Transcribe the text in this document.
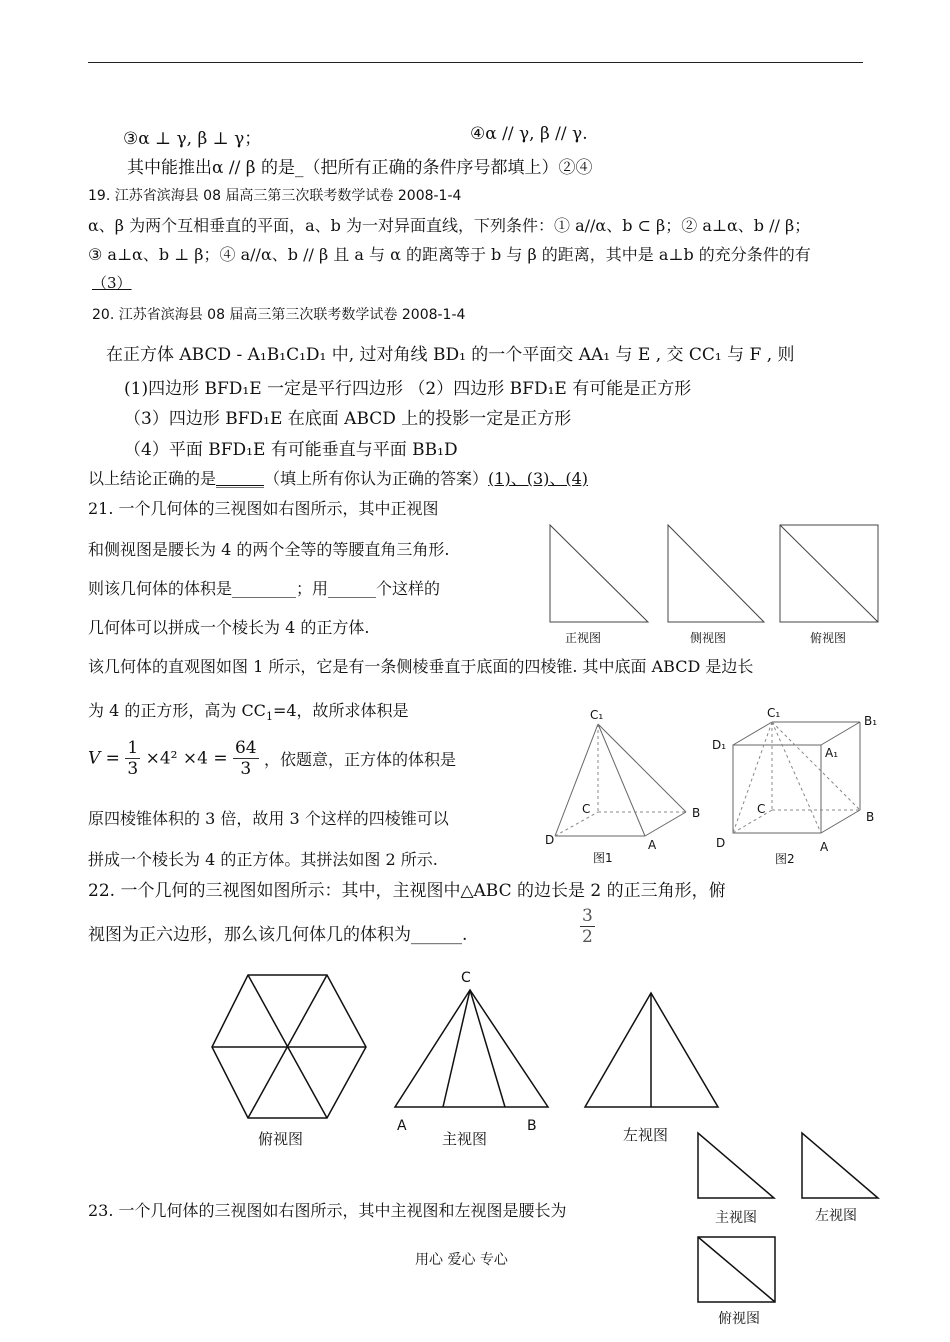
③α ⊥ γ, β ⊥ γ；	④α // γ, β // γ.
其中能推出α // β 的是_（把所有正确的条件序号都填上）②④
19. 江苏省滨海县 08 届高三第三次联考数学试卷 2008-1-4
α、β 为两个互相垂直的平面，a、b 为一对异面直线，下列条件：① a//α、b ⊂ β；② a⊥α、b // β；
③ a⊥α、b ⊥ β；④ a//α、b // β 且 a 与 α 的距离等于 b 与 β 的距离，其中是 a⊥b 的充分条件的有
（3）
20. 江苏省滨海县 08 届高三第三次联考数学试卷 2008-1-4
在正方体 ABCD - A₁B₁C₁D₁ 中, 过对角线 BD₁ 的一个平面交 AA₁ 与 E , 交 CC₁ 与 F , 则
(1)四边形 BFD₁E 一定是平行四边形 （2）四边形 BFD₁E 有可能是正方形
（3）四边形 BFD₁E 在底面 ABCD 上的投影一定是正方形
（4）平面 BFD₁E 有可能垂直与平面 BB₁D
以上结论正确的是______（填上所有你认为正确的答案）(1)、(3)、(4)
21. 一个几何体的三视图如右图所示，其中正视图
和侧视图是腰长为 4 的两个全等的等腰直角三角形.
则该几何体的体积是________；用______个这样的
几何体可以拼成一个棱长为 4 的正方体.
该几何体的直观图如图 1 所示，它是有一条侧棱垂直于底面的四棱锥. 其中底面 ABCD 是边长
为 4 的正方形，高为 $CC_1=4$，故所求体积是
$V = \frac{1}{3} \times 4^2 \times 4 = \frac{64}{3}$ ，依题意，正方体的体积是
原四棱锥体积的 3 倍，故用 3 个这样的四棱锥可以
拼成一个棱长为 4 的正方体。其拼法如图 2 所示.
正视图	侧视图	俯视图
C₁
C	B
D	A
图1
C₁
B₁
D₁
A₁
C
B
D	A
图2
22. 一个几何的三视图如图所示：其中，主视图中△ABC 的边长是 2 的正三角形，俯
视图为正六边形，那么该几何体几的体积为______.	$\frac{3}{2}$
C
A	B
俯视图	主视图	左视图
23. 一个几何体的三视图如右图所示，其中主视图和左视图是腰长为	主视图	左视图
俯视图
用心 爱心 专心
